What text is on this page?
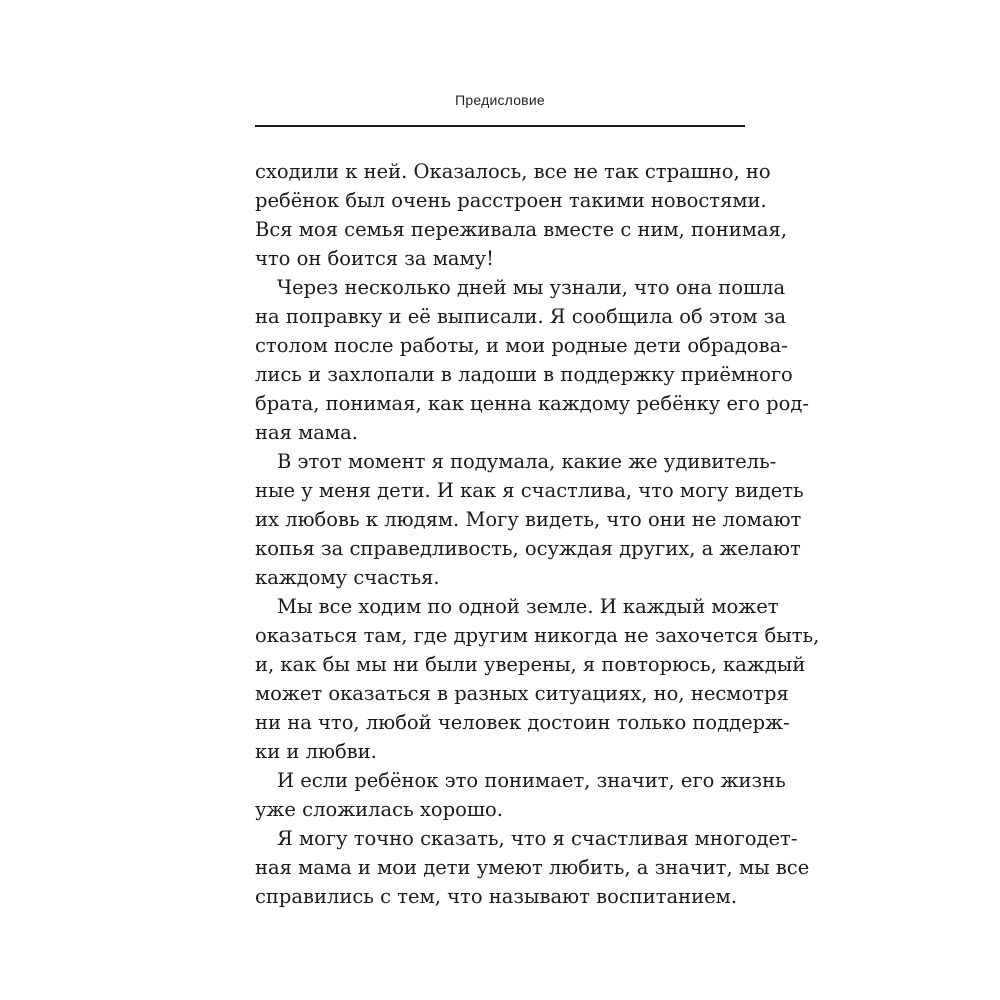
Предисловие
сходили к ней. Оказалось, все не так страшно, но
ребёнок был очень расстроен такими новостями.
Вся моя семья переживала вместе с ним, понимая,
что он боится за маму!
Через несколько дней мы узнали, что она пошла
на поправку и её выписали. Я сообщила об этом за
столом после работы, и мои родные дети обрадова-
лись и захлопали в ладоши в поддержку приёмного
брата, понимая, как ценна каждому ребёнку его род-
ная мама.
В этот момент я подумала, какие же удивитель-
ные у меня дети. И как я счастлива, что могу видеть
их любовь к людям. Могу видеть, что они не ломают
копья за справедливость, осуждая других, а желают
каждому счастья.
Мы все ходим по одной земле. И каждый может
оказаться там, где другим никогда не захочется быть,
и, как бы мы ни были уверены, я повторюсь, каждый
может оказаться в разных ситуациях, но, несмотря
ни на что, любой человек достоин только поддерж-
ки и любви.
И если ребёнок это понимает, значит, его жизнь
уже сложилась хорошо.
Я могу точно сказать, что я счастливая многодет-
ная мама и мои дети умеют любить, а значит, мы все
справились с тем, что называют воспитанием.
